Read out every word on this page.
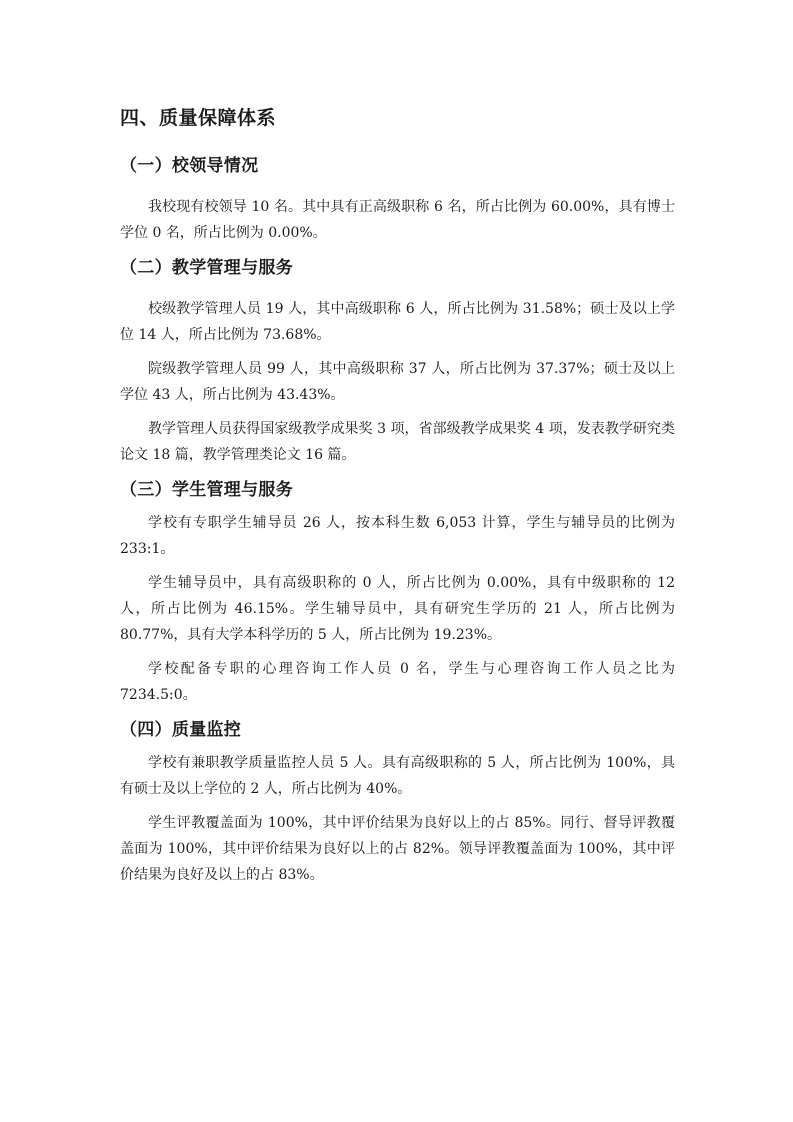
四、质量保障体系
（一）校领导情况
我校现有校领导 10 名。其中具有正高级职称 6 名，所占比例为 60.00%，具有博士学位 0 名，所占比例为 0.00%。
（二）教学管理与服务
校级教学管理人员 19 人，其中高级职称 6 人，所占比例为 31.58%；硕士及以上学位 14 人，所占比例为 73.68%。
院级教学管理人员 99 人，其中高级职称 37 人，所占比例为 37.37%；硕士及以上学位 43 人，所占比例为 43.43%。
教学管理人员获得国家级教学成果奖 3 项，省部级教学成果奖 4 项，发表教学研究类论文 18 篇，教学管理类论文 16 篇。
（三）学生管理与服务
学校有专职学生辅导员 26 人，按本科生数 6,053 计算，学生与辅导员的比例为 233:1。
学生辅导员中，具有高级职称的 0 人，所占比例为 0.00%，具有中级职称的 12 人，所占比例为 46.15%。学生辅导员中，具有研究生学历的 21 人，所占比例为 80.77%，具有大学本科学历的 5 人，所占比例为 19.23%。
学校配备专职的心理咨询工作人员 0 名，学生与心理咨询工作人员之比为 7234.5:0。
（四）质量监控
学校有兼职教学质量监控人员 5 人。具有高级职称的 5 人，所占比例为 100%，具有硕士及以上学位的 2 人，所占比例为 40%。
学生评教覆盖面为 100%，其中评价结果为良好以上的占 85%。同行、督导评教覆盖面为 100%，其中评价结果为良好以上的占 82%。领导评教覆盖面为 100%，其中评价结果为良好及以上的占 83%。
